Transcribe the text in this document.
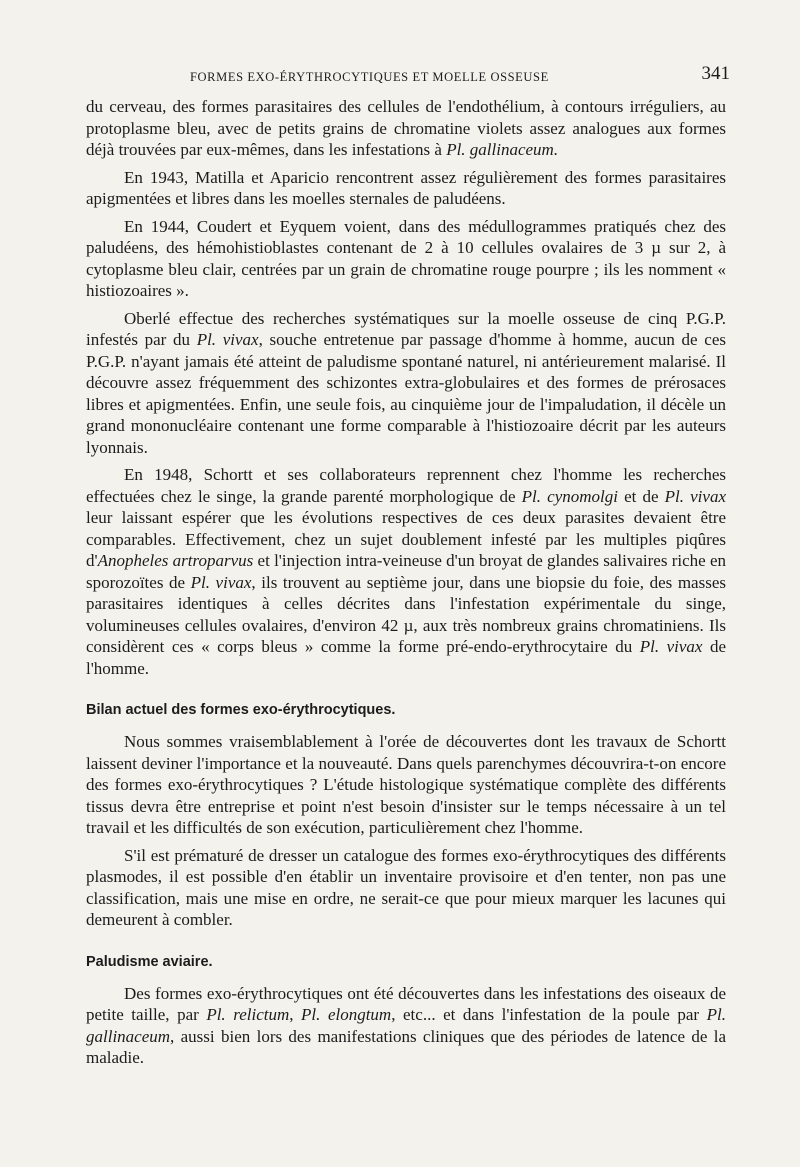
FORMES EXO-ÉRYTHROCYTIQUES ET MOELLE OSSEUSE	341

du cerveau, des formes parasitaires des cellules de l'endothélium, à contours irréguliers, au protoplasme bleu, avec de petits grains de chromatine violets assez analogues aux formes déjà trouvées par eux-mêmes, dans les infestations à Pl. gallinaceum.

En 1943, Matilla et Aparicio rencontrent assez régulièrement des formes parasitaires apigmentées et libres dans les moelles sternales de paludéens.

En 1944, Coudert et Eyquem voient, dans des médullogrammes pratiqués chez des paludéens, des hémohistioblastes contenant de 2 à 10 cellules ovalaires de 3 µ sur 2, à cytoplasme bleu clair, centrées par un grain de chromatine rouge pourpre ; ils les nomment « histiozoaires ».

Oberlé effectue des recherches systématiques sur la moelle osseuse de cinq P.G.P. infestés par du Pl. vivax, souche entretenue par passage d'homme à homme, aucun de ces P.G.P. n'ayant jamais été atteint de paludisme spontané naturel, ni antérieurement malarisé. Il découvre assez fréquemment des schizontes extra-globulaires et des formes de prérosaces libres et apigmentées. Enfin, une seule fois, au cinquième jour de l'impaludation, il décèle un grand mononucléaire contenant une forme comparable à l'histiozoaire décrit par les auteurs lyonnais.

En 1948, Schortt et ses collaborateurs reprennent chez l'homme les recherches effectuées chez le singe, la grande parenté morphologique de Pl. cynomolgi et de Pl. vivax leur laissant espérer que les évolutions respectives de ces deux parasites devaient être comparables. Effectivement, chez un sujet doublement infesté par les multiples piqûres d'Anopheles artroparvus et l'injection intra-veineuse d'un broyat de glandes salivaires riche en sporozoïtes de Pl. vivax, ils trouvent au septième jour, dans une biopsie du foie, des masses parasitaires identiques à celles décrites dans l'infestation expérimentale du singe, volumineuses cellules ovalaires, d'environ 42 µ, aux très nombreux grains chromatiniens. Ils considèrent ces « corps bleus » comme la forme pré-endo-erythrocytaire du Pl. vivax de l'homme.

Bilan actuel des formes exo-érythrocytiques.

Nous sommes vraisemblablement à l'orée de découvertes dont les travaux de Schortt laissent deviner l'importance et la nouveauté. Dans quels parenchymes découvrira-t-on encore des formes exo-érythrocytiques ? L'étude histologique systématique complète des différents tissus devra être entreprise et point n'est besoin d'insister sur le temps nécessaire à un tel travail et les difficultés de son exécution, particulièrement chez l'homme.

S'il est prématuré de dresser un catalogue des formes exo-érythrocytiques des différents plasmodes, il est possible d'en établir un inventaire provisoire et d'en tenter, non pas une classification, mais une mise en ordre, ne serait-ce que pour mieux marquer les lacunes qui demeurent à combler.

Paludisme aviaire.

Des formes exo-érythrocytiques ont été découvertes dans les infestations des oiseaux de petite taille, par Pl. relictum, Pl. elongtum, etc... et dans l'infestation de la poule par Pl. gallinaceum, aussi bien lors des manifestations cliniques que des périodes de latence de la maladie.
